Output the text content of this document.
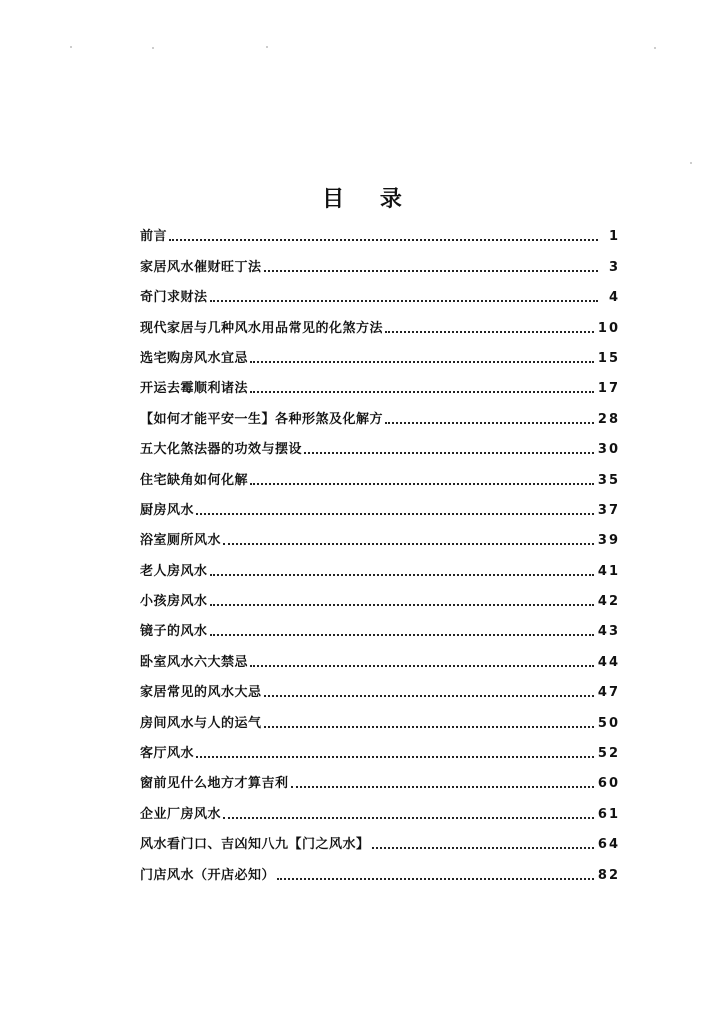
目 录
前言	1
家居风水催财旺丁法	3
奇门求财法	4
现代家居与几种风水用品常见的化煞方法	10
选宅购房风水宜忌	15
开运去霉顺利诸法	17
【如何才能平安一生】各种形煞及化解方	28
五大化煞法器的功效与摆设	30
住宅缺角如何化解	35
厨房风水	37
浴室厕所风水	39
老人房风水	41
小孩房风水	42
镜子的风水	43
卧室风水六大禁忌	44
家居常见的风水大忌	47
房间风水与人的运气	50
客厅风水	52
窗前见什么地方才算吉利	60
企业厂房风水	61
风水看门口、吉凶知八九【门之风水】	64
门店风水（开店必知）	82
